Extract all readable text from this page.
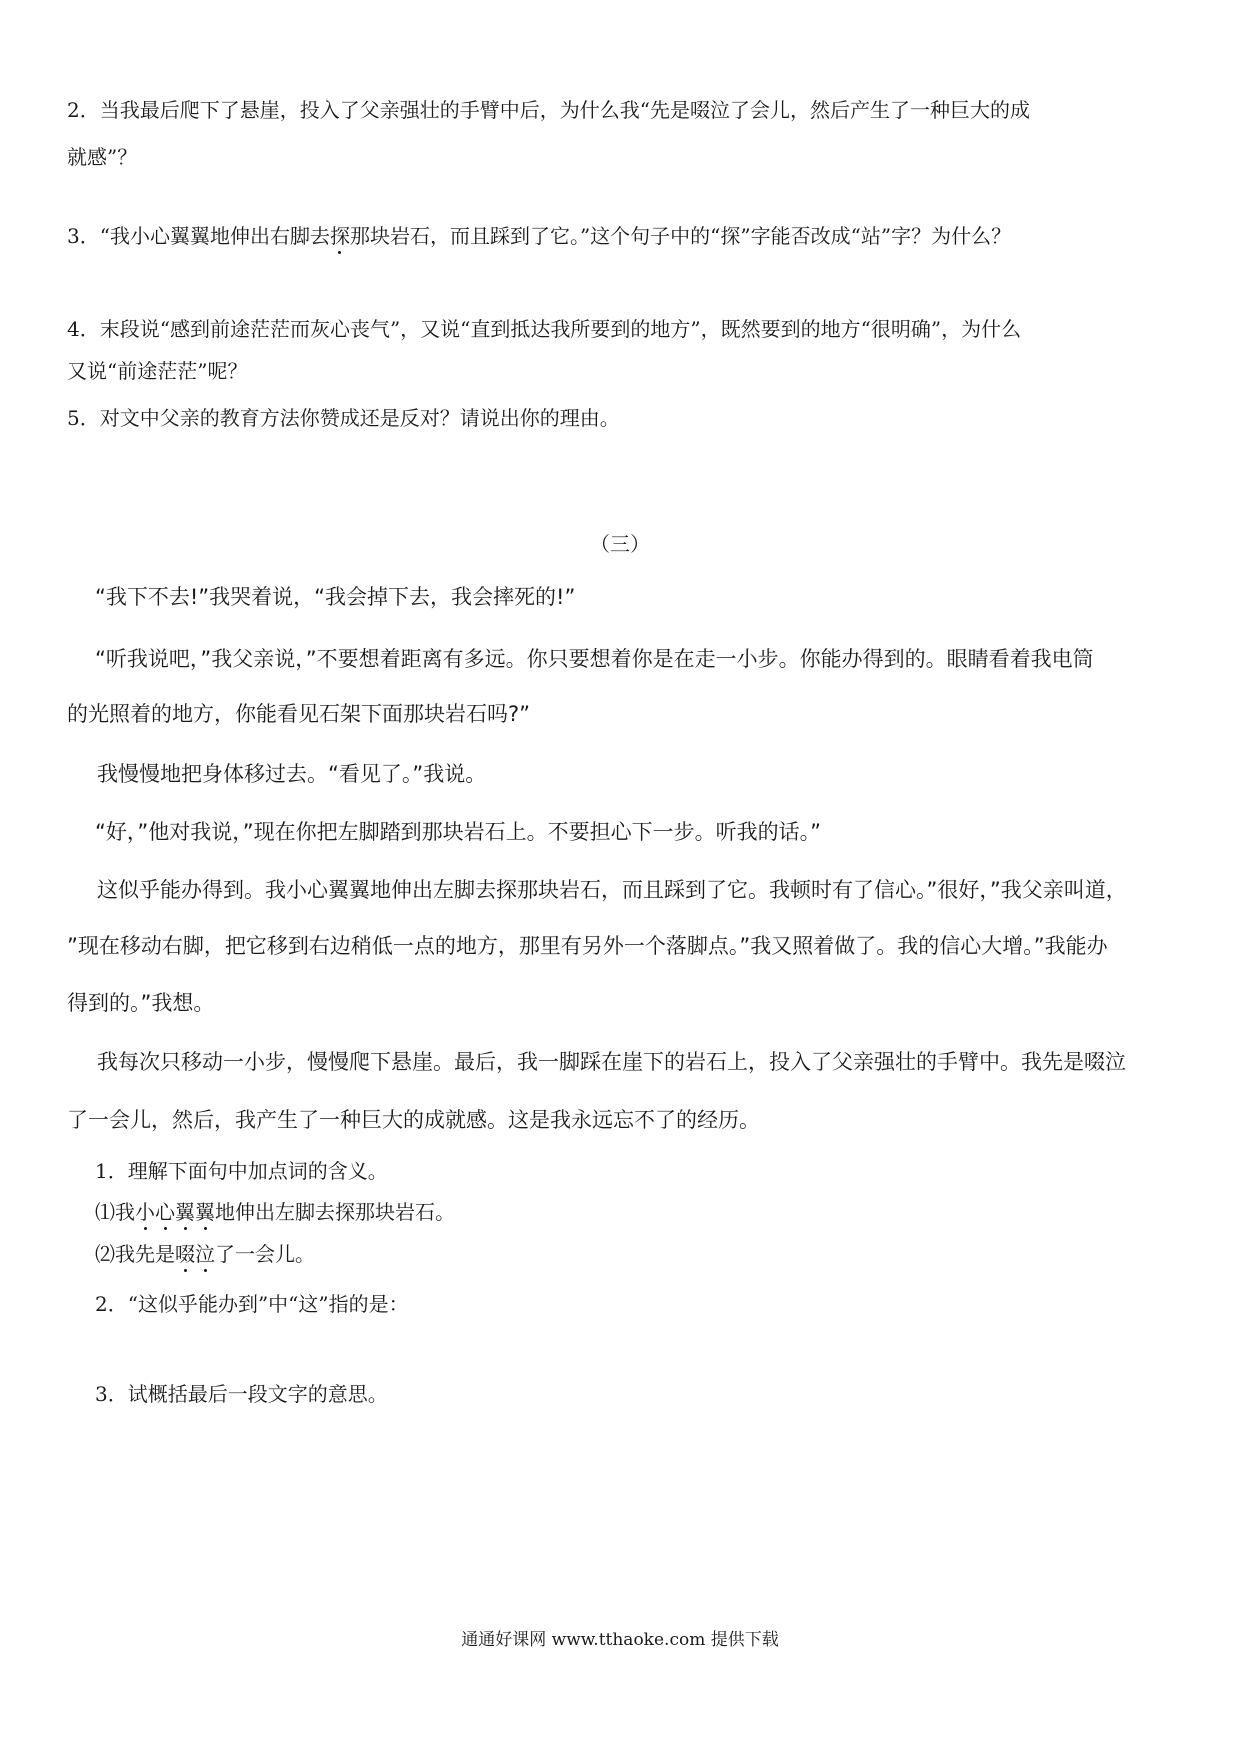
2．当我最后爬下了悬崖，投入了父亲强壮的手臂中后，为什么我“先是啜泣了会儿，然后产生了一种巨大的成
就感”？
3．“我小心翼翼地伸出右脚去探那块岩石，而且踩到了它。”这个句子中的“探”字能否改成“站”字？为什么？
4．末段说“感到前途茫茫而灰心丧气”，又说“直到抵达我所要到的地方”，既然要到的地方“很明确”，为什么
又说“前途茫茫”呢？
5．对文中父亲的教育方法你赞成还是反对？请说出你的理由。
（三）
“我下不去!”我哭着说，“我会掉下去，我会摔死的!”
“听我说吧，”我父亲说，”不要想着距离有多远。你只要想着你是在走一小步。你能办得到的。眼睛看着我电筒
的光照着的地方，你能看见石架下面那块岩石吗?”
我慢慢地把身体移过去。“看见了。”我说。
“好，”他对我说，”现在你把左脚踏到那块岩石上。不要担心下一步。听我的话。”
这似乎能办得到。我小心翼翼地伸出左脚去探那块岩石，而且踩到了它。我顿时有了信心。”很好，”我父亲叫道，
”现在移动右脚，把它移到右边稍低一点的地方，那里有另外一个落脚点。”我又照着做了。我的信心大增。”我能办
得到的。”我想。
我每次只移动一小步，慢慢爬下悬崖。最后，我一脚踩在崖下的岩石上，投入了父亲强壮的手臂中。我先是啜泣
了一会儿，然后，我产生了一种巨大的成就感。这是我永远忘不了的经历。
1．理解下面句中加点词的含义。
⑴我小心翼翼地伸出左脚去探那块岩石。
⑵我先是啜泣了一会儿。
2．“这似乎能办到”中“这”指的是：
3．试概括最后一段文字的意思。
通通好课网 www.tthaoke.com 提供下载
